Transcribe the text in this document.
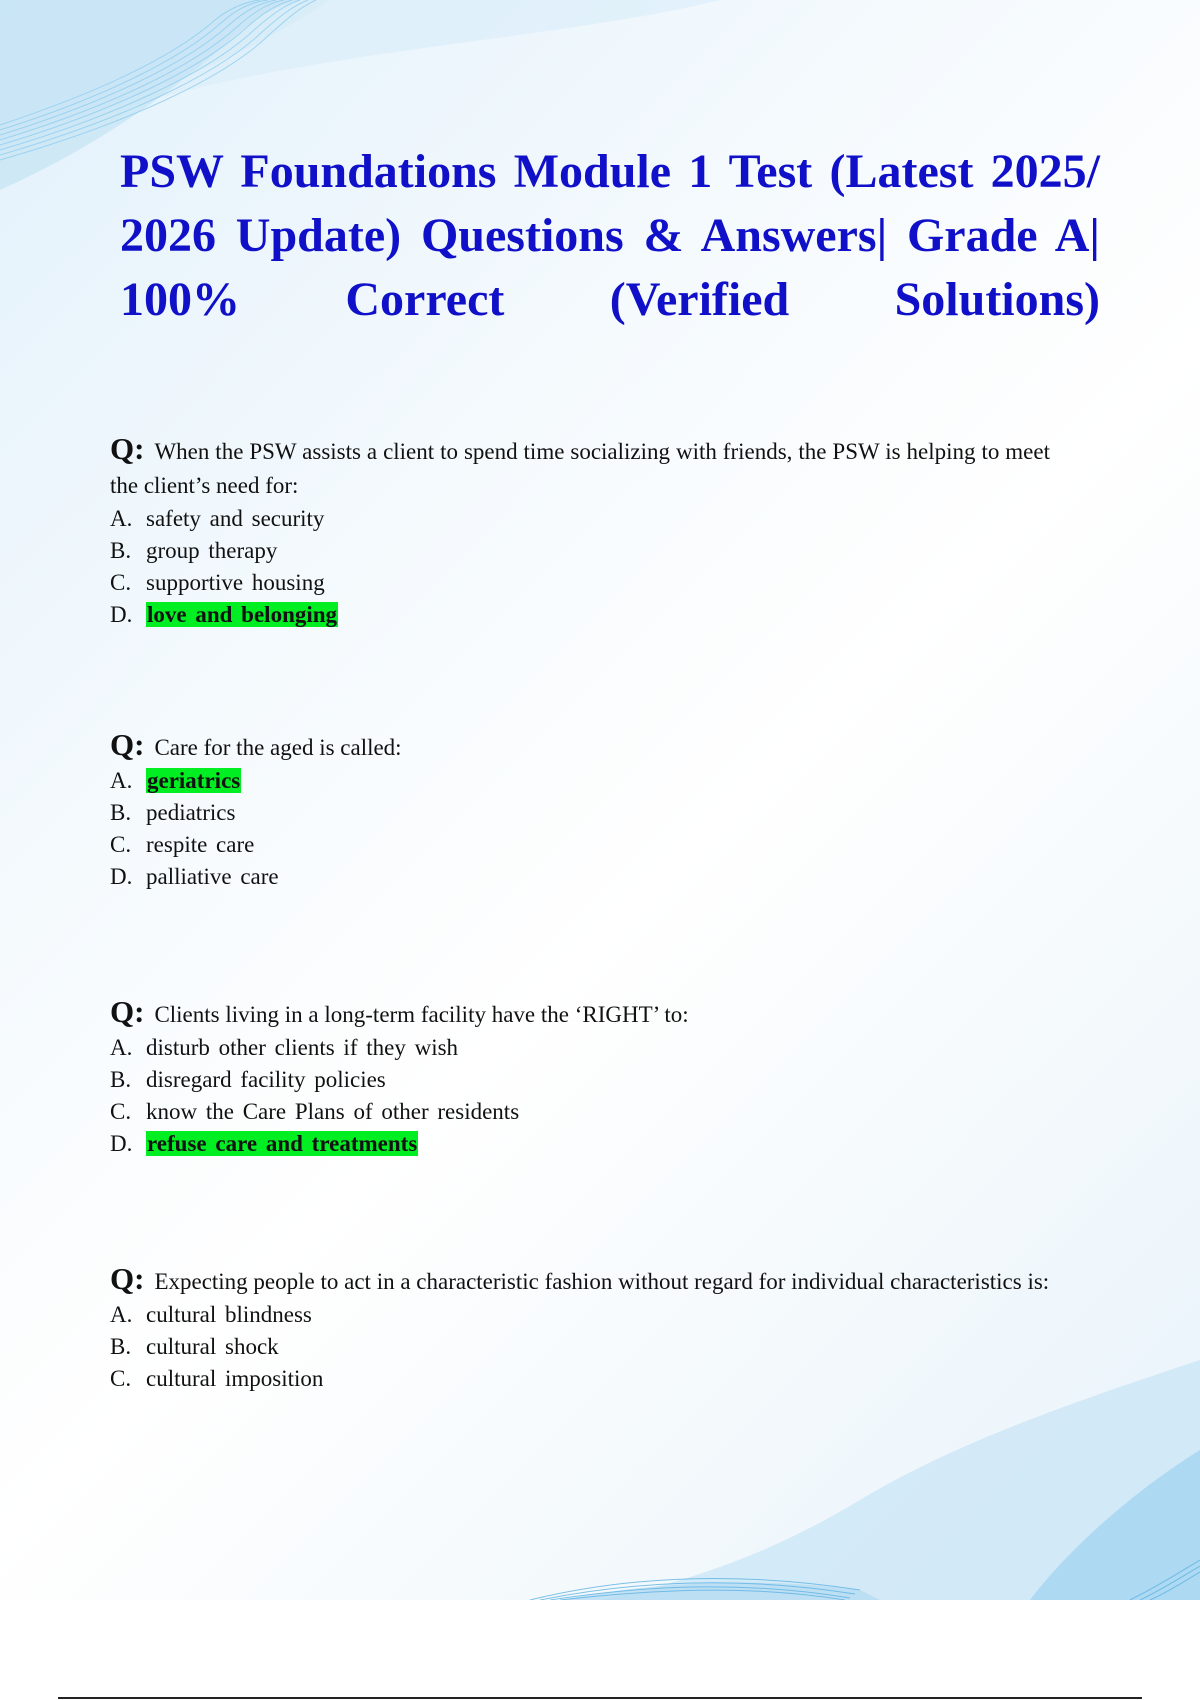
PSW Foundations Module 1 Test (Latest 2025/ 2026 Update) Questions & Answers| Grade A| 100% Correct (Verified Solutions)

Q: When the PSW assists a client to spend time socializing with friends, the PSW is helping to meet the client’s need for:

A. safety and security
B. group therapy
C. supportive housing
D. love and belonging

Q: Care for the aged is called:

A. geriatrics
B. pediatrics
C. respite care
D. palliative care

Q: Clients living in a long-term facility have the ‘RIGHT’ to:

A. disturb other clients if they wish
B. disregard facility policies
C. know the Care Plans of other residents
D. refuse care and treatments

Q: Expecting people to act in a characteristic fashion without regard for individual characteristics is:

A. cultural blindness
B. cultural shock
C. cultural imposition
